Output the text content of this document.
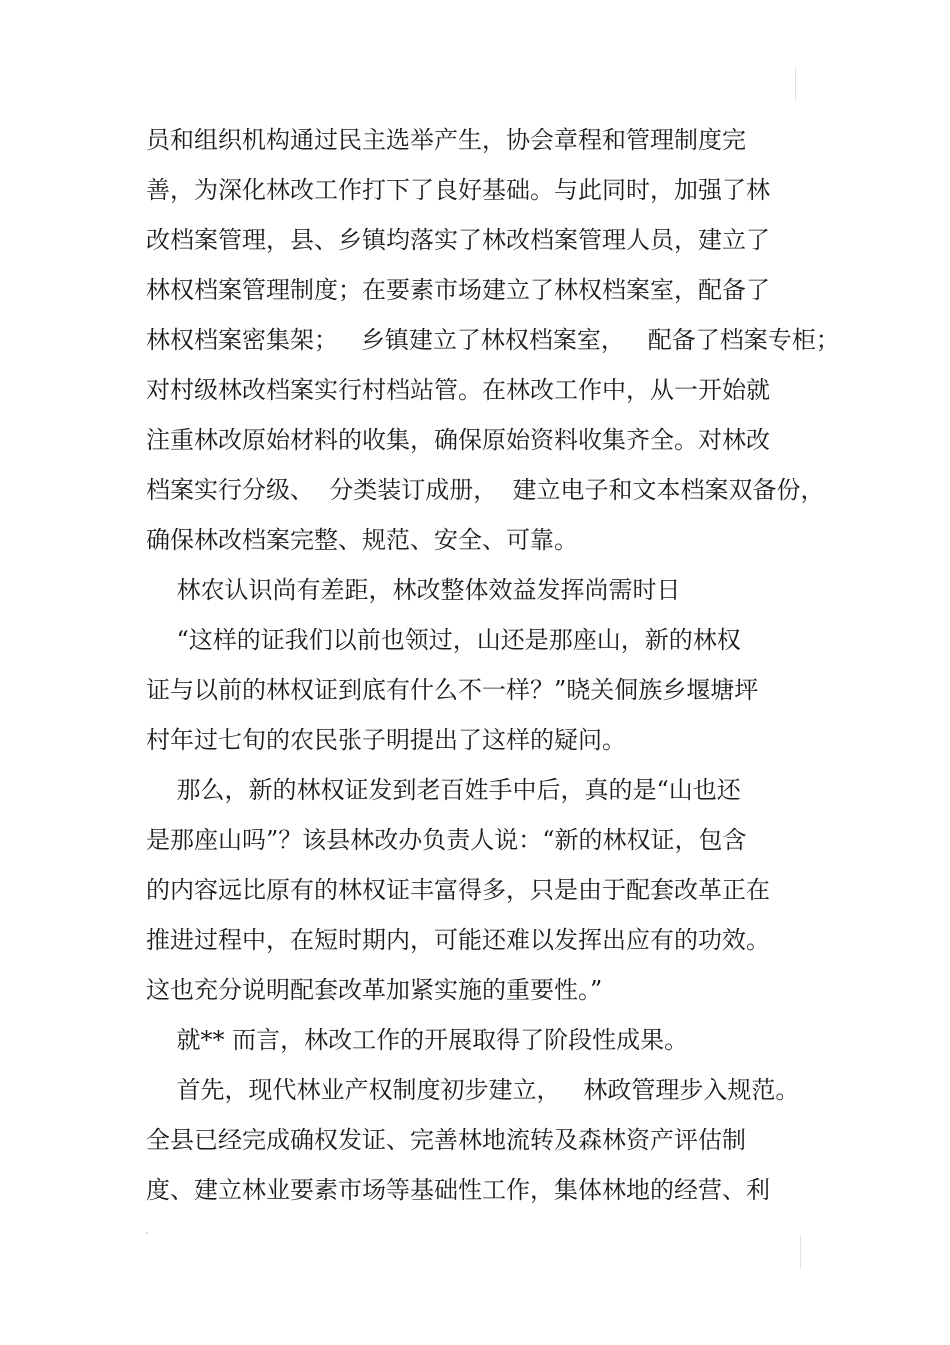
员和组织机构通过民主选举产生，协会章程和管理制度完
善，为深化林改工作打下了良好基础。与此同时，加强了林
改档案管理，县、乡镇均落实了林改档案管理人员，建立了
林权档案管理制度；在要素市场建立了林权档案室，配备了
林权档案密集架；   乡镇建立了林权档案室，   配备了档案专柜；
对村级林改档案实行村档站管。在林改工作中，从一开始就
注重林改原始材料的收集，确保原始资料收集齐全。对林改
档案实行分级、  分类装订成册，  建立电子和文本档案双备份，
确保林改档案完整、规范、安全、可靠。
林农认识尚有差距，林改整体效益发挥尚需时日
“这样的证我们以前也领过，山还是那座山，新的林权
证与以前的林权证到底有什么不一样？”晓关侗族乡堰塘坪
村年过七旬的农民张子明提出了这样的疑问。
那么，新的林权证发到老百姓手中后，真的是“山也还
是那座山吗”？该县林改办负责人说：“新的林权证，包含
的内容远比原有的林权证丰富得多，只是由于配套改革正在
推进过程中，在短时期内，可能还难以发挥出应有的功效。
这也充分说明配套改革加紧实施的重要性。”
就** 而言，林改工作的开展取得了阶段性成果。
首先，现代林业产权制度初步建立，   林政管理步入规范。
全县已经完成确权发证、完善林地流转及森林资产评估制
度、建立林业要素市场等基础性工作，集体林地的经营、利
